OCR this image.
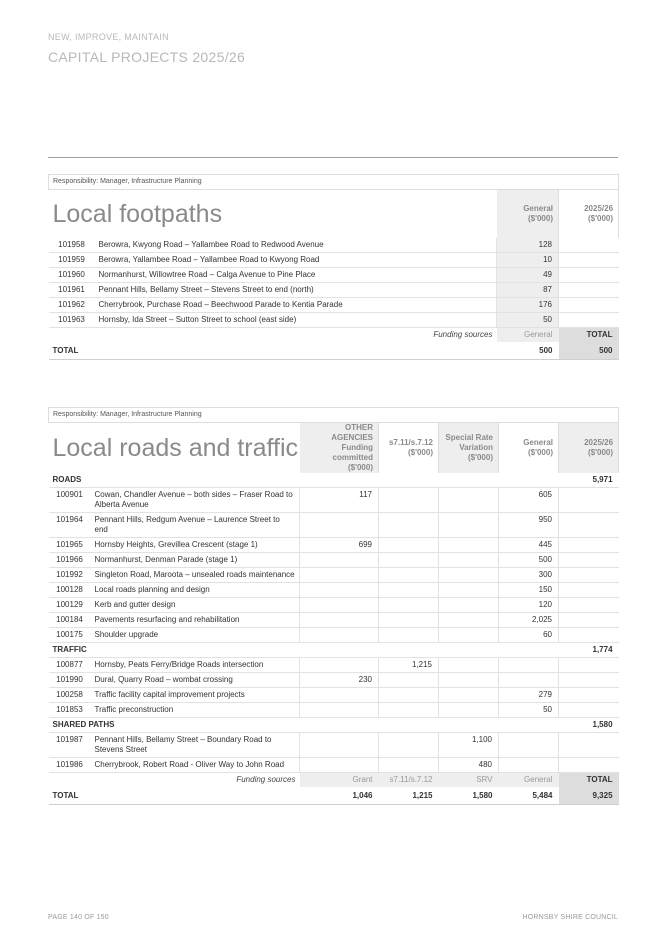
NEW, IMPROVE, MAINTAIN
CAPITAL PROJECTS 2025/26
Responsibility: Manager, Infrastructure Planning			
Local footpaths		General
($'000)	2025/26
($'000)
101958	Berowra, Kwyong Road – Yallambee Road to Redwood Avenue	128	
101959	Berowra, Yallambee Road – Yallambee Road to Kwyong Road	10	
101960	Normanhurst, Willowtree Road – Calga Avenue to Pine Place	49	
101961	Pennant Hills, Bellamy Street – Stevens Street to end (north)	87	
101962	Cherrybrook, Purchase Road – Beechwood Parade to Kentia Parade	176	
101963	Hornsby, Ida Street – Sutton Street to school (east side)	50	
	Funding sources	General	TOTAL
TOTAL		500	500
Responsibility: Manager, Infrastructure Planning						
Local roads and traffic		OTHER AGENCIES
Funding
committed
($'000)	s7.11/s.7.12
($'000)	Special Rate
Variation
($'000)	General
($'000)	2025/26
($'000)
ROADS						5,971
100901	Cowan, Chandler Avenue – both sides – Fraser Road to Alberta Avenue	117			605	
101964	Pennant Hills, Redgum Avenue – Laurence Street to end				950	
101965	Hornsby Heights, Grevillea Crescent (stage 1)	699			445	
101966	Normanhurst, Denman Parade (stage 1)				500	
101992	Singleton Road, Maroota – unsealed roads maintenance				300	
100128	Local roads planning and design				150	
100129	Kerb and gutter design				120	
100184	Pavements resurfacing and rehabilitation				2,025	
100175	Shoulder upgrade				60	
TRAFFIC						1,774
100877	Hornsby, Peats Ferry/Bridge Roads intersection		1,215			
101990	Dural, Quarry Road – wombat crossing	230				
100258	Traffic facility capital improvement projects				279	
101853	Traffic preconstruction				50	
SHARED PATHS						1,580
101987	Pennant Hills, Bellamy Street – Boundary Road to Stevens Street			1,100		
101986	Cherrybrook, Robert Road - Oliver Way to John Road			480		
	Funding sources	Grant	s7.11/s.7.12	SRV	General	TOTAL
TOTAL		1,046	1,215	1,580	5,484	9,325
PAGE 140 OF 150	HORNSBY SHIRE COUNCIL
